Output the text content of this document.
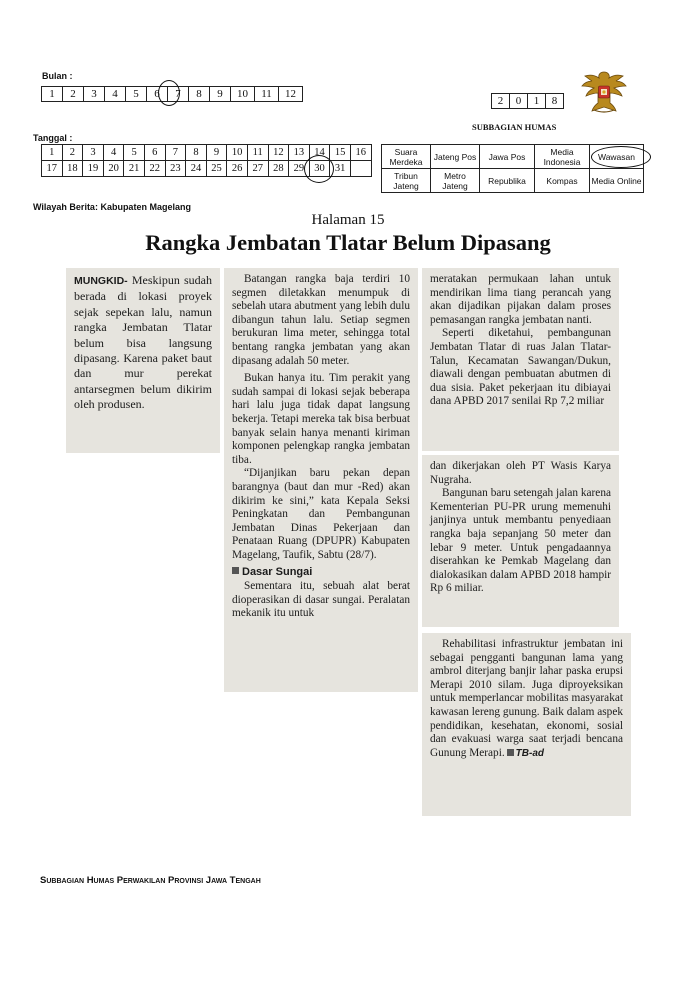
Bulan :
1	2	3	4	5	6	7	8	9	10	11	12
2	0	1	8
SUBBAGIAN HUMAS
Tanggal :
1	2	3	4	5	6	7	8	9	10	11	12	13	14	15	16
17	18	19	20	21	22	23	24	25	26	27	28	29	30	31	
Suara Merdeka	Jateng Pos	Jawa Pos	Media Indonesia	Wawasan
Tribun Jateng	Metro Jateng	Republika	Kompas	Media Online
Wilayah Berita: Kabupaten Magelang
Halaman 15
Rangka Jembatan Tlatar Belum Dipasang

MUNGKID- Meskipun sudah berada di lokasi proyek sejak sepekan lalu, namun rangka Jembatan Tlatar belum bisa langsung dipasang. Karena paket baut dan mur perekat antarsegmen belum dikirim oleh produsen.

Batangan rangka baja terdiri 10 segmen diletakkan menumpuk di sebelah utara abutment yang lebih dulu dibangun tahun lalu. Setiap segmen berukuran lima meter, sehingga total bentang rangka jembatan yang akan dipasang adalah 50 meter.

Bukan hanya itu. Tim perakit yang sudah sampai di lokasi sejak beberapa hari lalu juga tidak dapat langsung bekerja. Tetapi mereka tak bisa berbuat banyak selain hanya menanti kiriman komponen pelengkap rangka jembatan tiba.

“Dijanjikan baru pekan depan barangnya (baut dan mur -Red) akan dikirim ke sini,” kata Kepala Seksi Peningkatan dan Pembangunan Jembatan Dinas Pekerjaan dan Penataan Ruang (DPUPR) Kabupaten Magelang, Taufik, Sabtu (28/7).

Dasar Sungai

Sementara itu, sebuah alat berat dioperasikan di dasar sungai. Peralatan mekanik itu untuk

meratakan permukaan lahan untuk mendirikan lima tiang perancah yang akan dijadikan pijakan dalam proses pemasangan rangka jembatan nanti.

Seperti diketahui, pembangunan Jembatan Tlatar di ruas Jalan Tlatar-Talun, Kecamatan Sawangan/Dukun, diawali dengan pembuatan abutmen di dua sisia. Paket pekerjaan itu dibiayai dana APBD 2017 senilai Rp 7,2 miliar

dan dikerjakan oleh PT Wasis Karya Nugraha.

Bangunan baru setengah jalan karena Kementerian PU-PR urung memenuhi janjinya untuk membantu penyediaan rangka baja sepanjang 50 meter dan lebar 9 meter. Untuk pengadaannya diserahkan ke Pemkab Magelang dan dialokasikan dalam APBD 2018 hampir Rp 6 miliar.

Rehabilitasi infrastruktur jembatan ini sebagai pengganti bangunan lama yang ambrol diterjang banjir lahar paska erupsi Merapi 2010 silam. Juga diproyeksikan untuk memperlancar mobilitas masyarakat kawasan lereng gunung. Baik dalam aspek pendidikan, kesehatan, ekonomi, sosial dan evakuasi warga saat terjadi bencana Gunung Merapi. TB-ad

Subbagian Humas Perwakilan Provinsi Jawa Tengah
